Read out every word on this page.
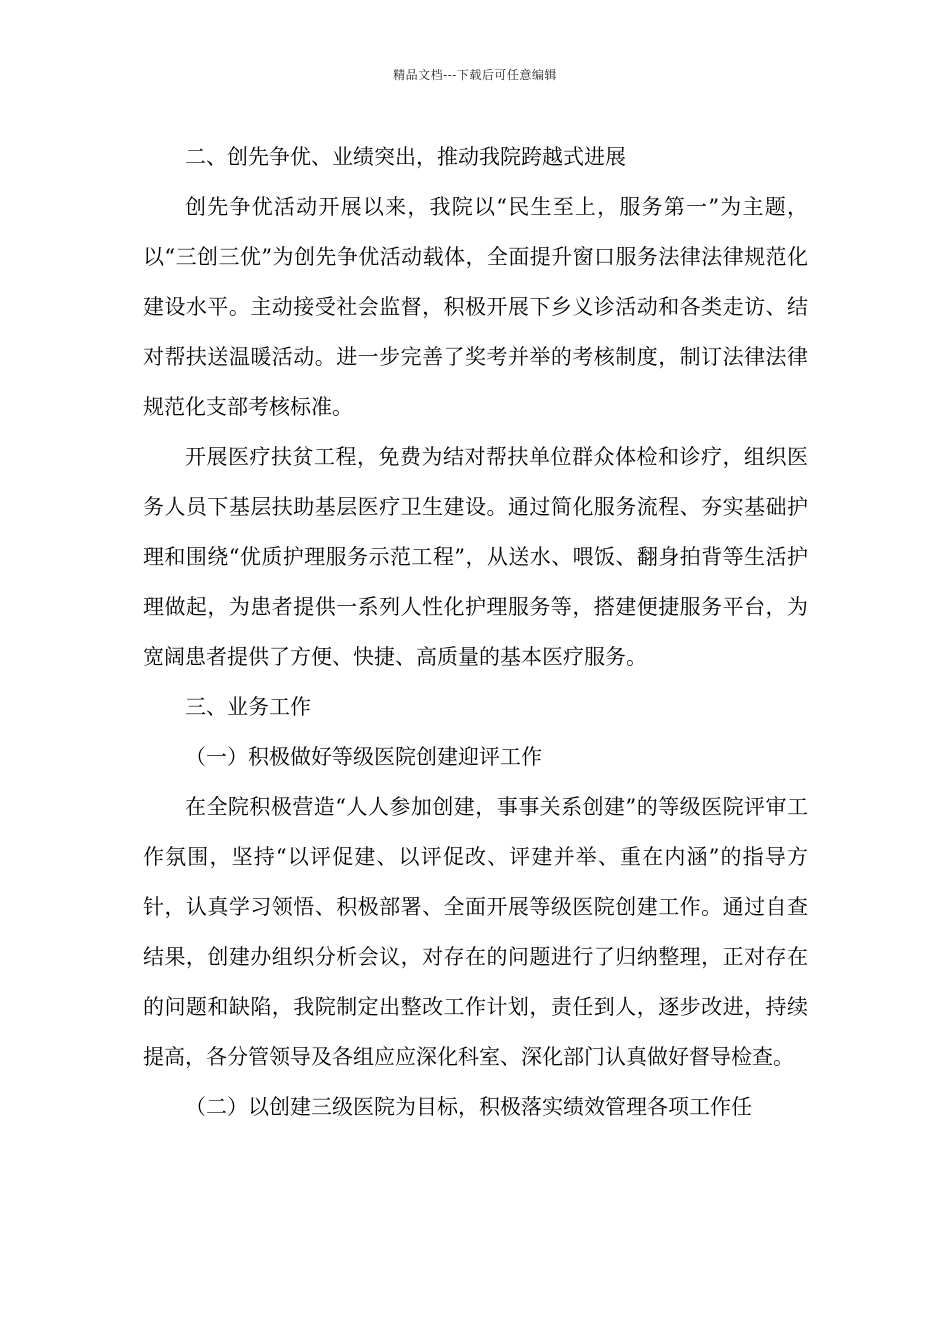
精品文档---下载后可任意编辑

二、创先争优、业绩突出，推动我院跨越式进展

创先争优活动开展以来，我院以“民生至上，服务第一”为主题，以“三创三优”为创先争优活动载体，全面提升窗口服务法律法律规范化建设水平。主动接受社会监督，积极开展下乡义诊活动和各类走访、结对帮扶送温暖活动。进一步完善了奖考并举的考核制度，制订法律法律规范化支部考核标准。

开展医疗扶贫工程，免费为结对帮扶单位群众体检和诊疗，组织医务人员下基层扶助基层医疗卫生建设。通过简化服务流程、夯实基础护理和围绕“优质护理服务示范工程”，从送水、喂饭、翻身拍背等生活护理做起，为患者提供一系列人性化护理服务等，搭建便捷服务平台，为宽阔患者提供了方便、快捷、高质量的基本医疗服务。

三、业务工作

（一）积极做好等级医院创建迎评工作

在全院积极营造“人人参加创建，事事关系创建”的等级医院评审工作氛围，坚持“以评促建、以评促改、评建并举、重在内涵”的指导方针，认真学习领悟、积极部署、全面开展等级医院创建工作。通过自查结果，创建办组织分析会议，对存在的问题进行了归纳整理，正对存在的问题和缺陷，我院制定出整改工作计划，责任到人，逐步改进，持续提高，各分管领导及各组应应深化科室、深化部门认真做好督导检查。

（二）以创建三级医院为目标，积极落实绩效管理各项工作任
